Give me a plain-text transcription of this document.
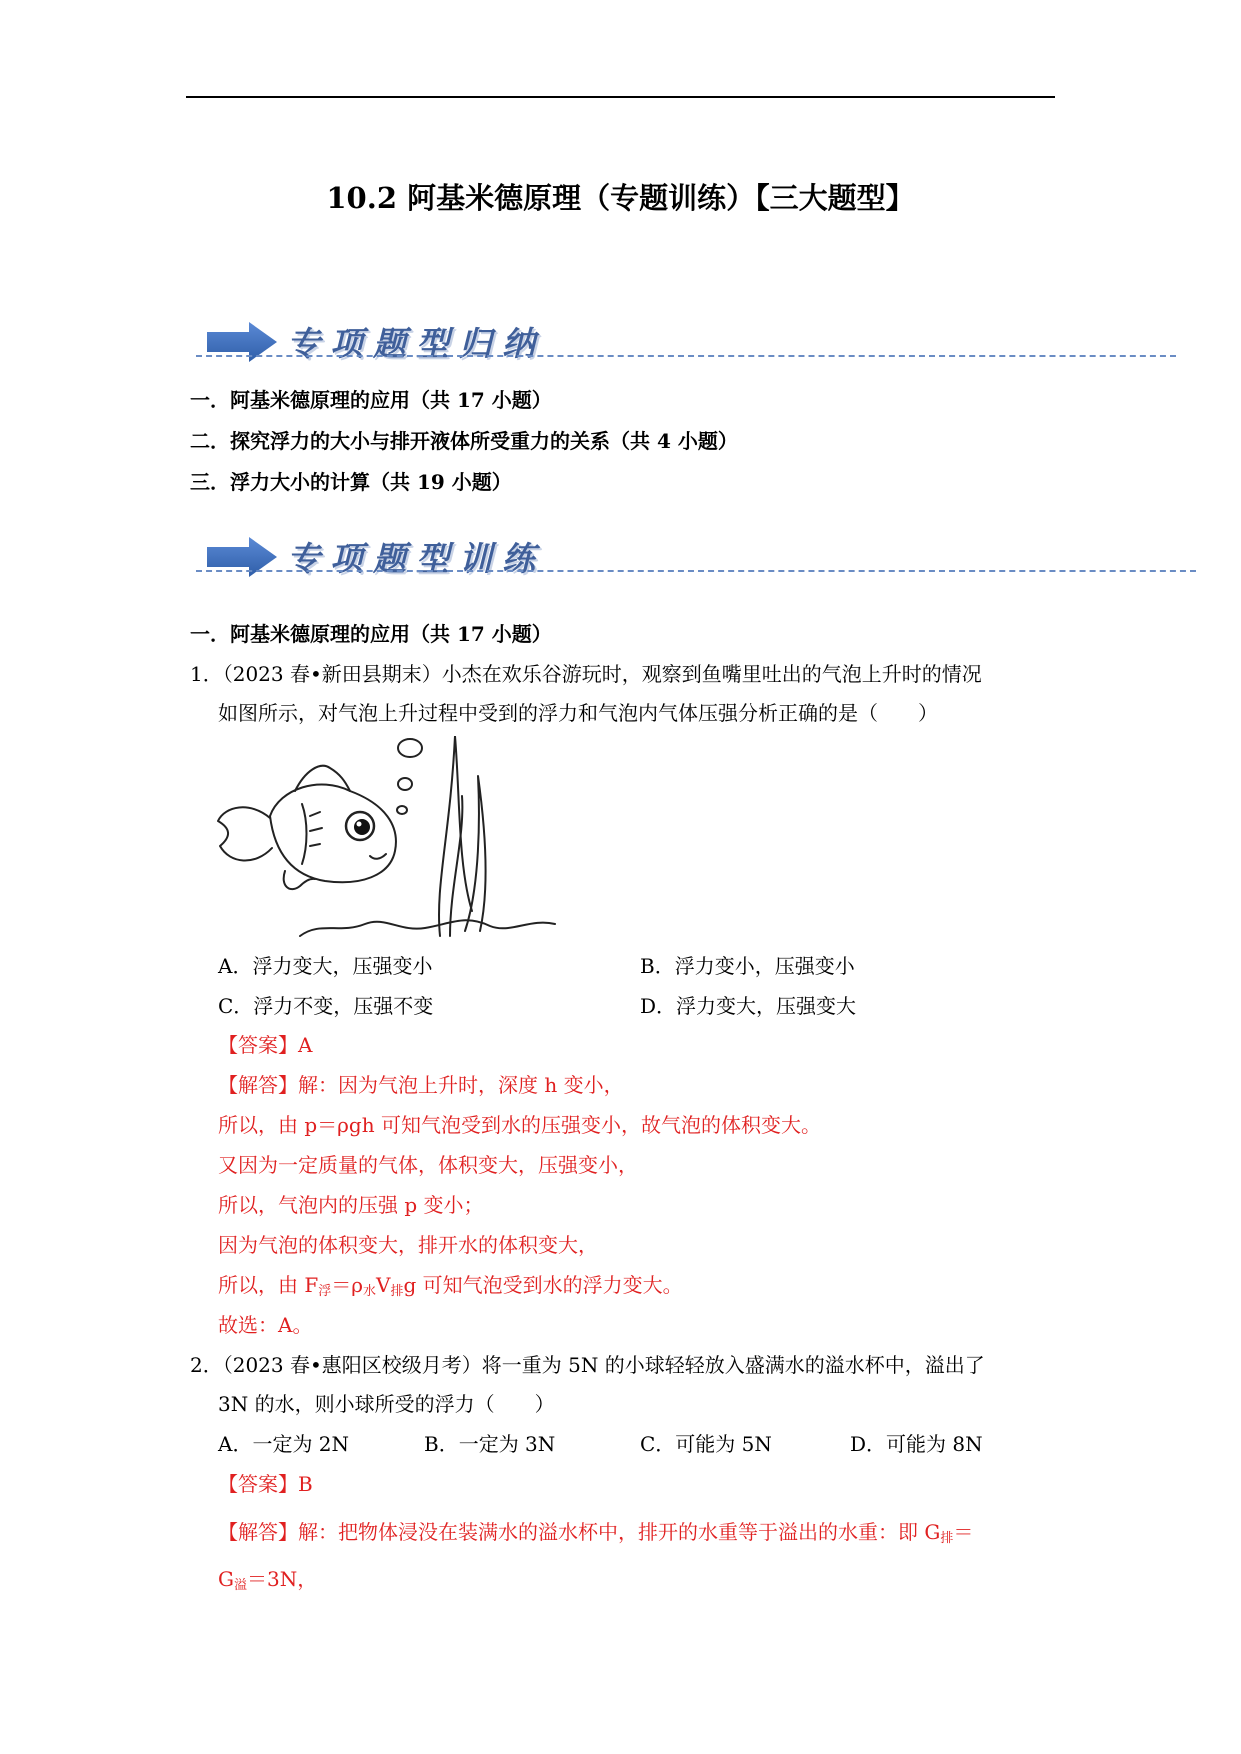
10.2 阿基米德原理（专题训练）【三大题型】
专项题型归纳
一．阿基米德原理的应用（共 17 小题）
二．探究浮力的大小与排开液体所受重力的关系（共 4 小题）
三．浮力大小的计算（共 19 小题）
专项题型训练
一．阿基米德原理的应用（共 17 小题）
1．（2023 春•新田县期末）小杰在欢乐谷游玩时，观察到鱼嘴里吐出的气泡上升时的情况
如图所示，对气泡上升过程中受到的浮力和气泡内气体压强分析正确的是（　　）
A．浮力变大，压强变小	B．浮力变小，压强变小
C．浮力不变，压强不变	D．浮力变大，压强变大
【答案】A
【解答】解：因为气泡上升时，深度 h 变小，
所以，由 p＝ρgh 可知气泡受到水的压强变小，故气泡的体积变大。
又因为一定质量的气体，体积变大，压强变小，
所以，气泡内的压强 p 变小；
因为气泡的体积变大，排开水的体积变大，
所以，由 $F_浮=\rho_水V_排g$ 可知气泡受到水的浮力变大。
故选：A。
2．（2023 春•惠阳区校级月考）将一重为 5N 的小球轻轻放入盛满水的溢水杯中，溢出了
3N 的水，则小球所受的浮力（　　）
A．一定为 2N	B．一定为 3N	C．可能为 5N	D．可能为 8N
【答案】B
【解答】解：把物体浸没在装满水的溢水杯中，排开的水重等于溢出的水重：即 $G_排=$
$G_溢=3N$，
